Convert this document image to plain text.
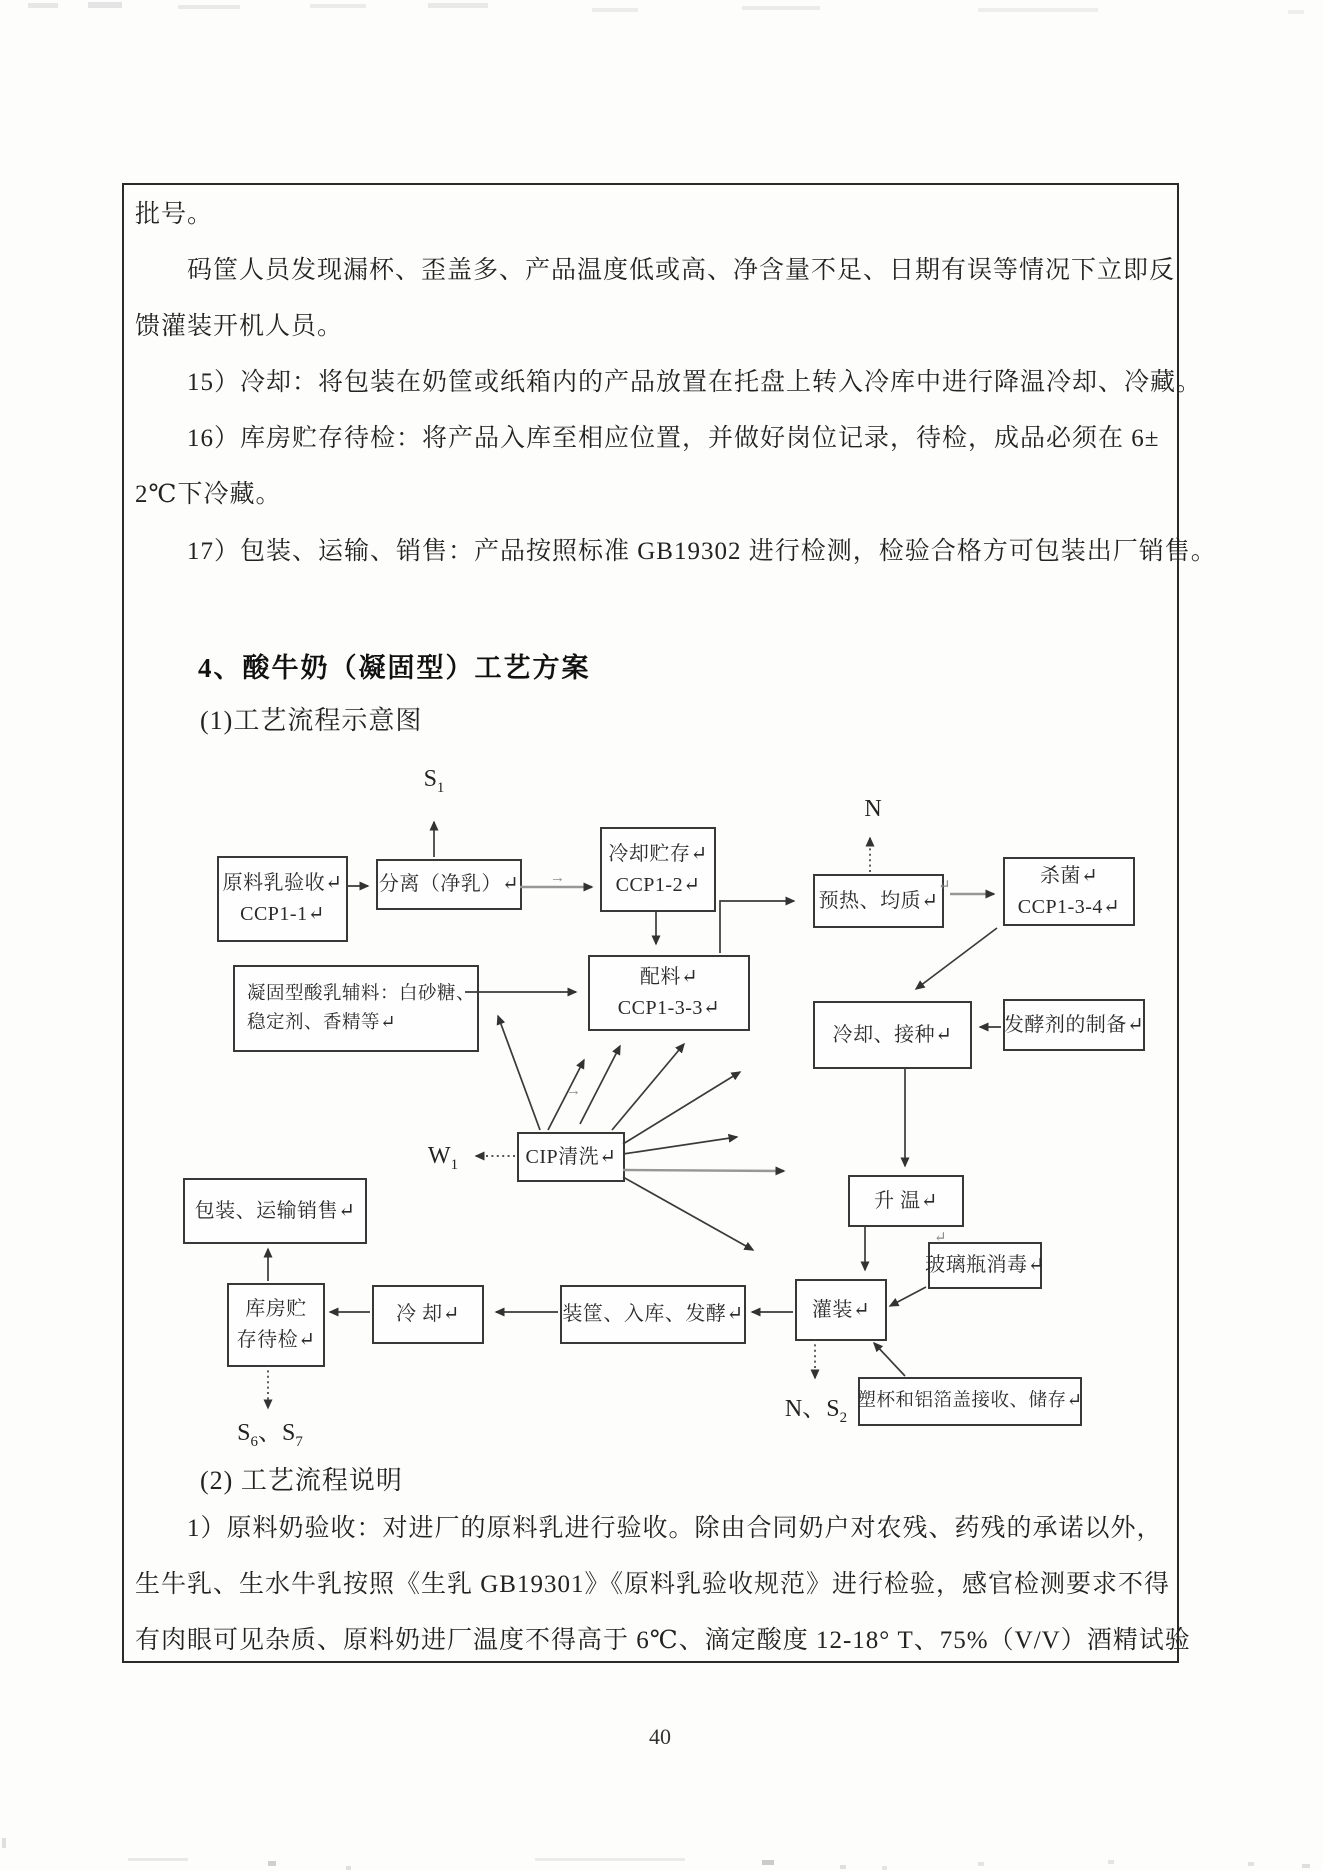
批号。
码筐人员发现漏杯、歪盖多、产品温度低或高、净含量不足、日期有误等情况下立即反
馈灌装开机人员。
15）冷却：将包装在奶筐或纸箱内的产品放置在托盘上转入冷库中进行降温冷却、冷藏。
16）库房贮存待检：将产品入库至相应位置，并做好岗位记录，待检，成品必须在 6±
2℃下冷藏。
17）包装、运输、销售：产品按照标准 GB19302 进行检测，检验合格方可包装出厂销售。
4、酸牛奶（凝固型）工艺方案
(1)工艺流程示意图
原料乳验收↵
CCP1-1↵
分离（净乳）↵
冷却贮存↵
CCP1-2↵
预热、均质↵
杀菌↵
CCP1-3-4↵
凝固型酸乳辅料：白砂糖、
稳定剂、香精等↵
配料↵
CCP1-3-3↵
冷却、接种↵	发酵剂的制备↵
CIP清洗↵
升 温↵
玻璃瓶消毒↵
灌装↵
塑杯和铝箔盖接收、储存↵
装筐、入库、发酵↵
冷 却↵
库房贮
存待检↵
包装、运输销售↵
$S_1$
N
$W_1$
N、$S_2$
$S_6$、$S_7$
→
→
↵
↵
(2) 工艺流程说明
1）原料奶验收：对进厂的原料乳进行验收。除由合同奶户对农残、药残的承诺以外，
生牛乳、生水牛乳按照《生乳 GB19301》《原料乳验收规范》进行检验，感官检测要求不得
有肉眼可见杂质、原料奶进厂温度不得高于 6℃、滴定酸度 12-18° T、75%（V/V）酒精试验
40
